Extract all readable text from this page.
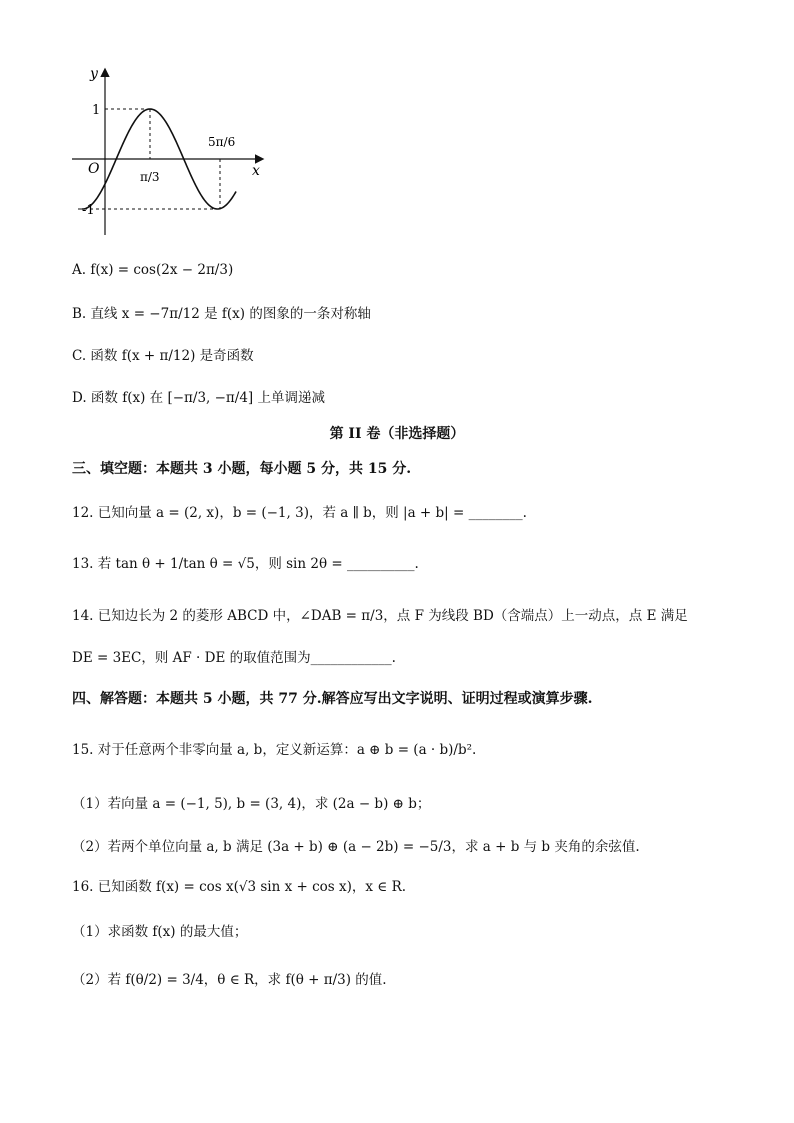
y
x
O
1
-1
π/3
5π/6
A. f(x) = cos(2x − 2π/3)
B. 直线 x = −7π/12 是 f(x) 的图象的一条对称轴
C. 函数 f(x + π/12) 是奇函数
D. 函数 f(x) 在 [−π/3, −π/4] 上单调递减
第 II 卷（非选择题）
三、填空题：本题共 3 小题，每小题 5 分，共 15 分.
12. 已知向量 a = (2, x)，b = (−1, 3)，若 a ∥ b，则 |a + b| = ________.
13. 若 tan θ + 1/tan θ = √5，则 sin 2θ = __________.
14. 已知边长为 2 的菱形 ABCD 中，∠DAB = π/3，点 F 为线段 BD（含端点）上一动点，点 E 满足
DE = 3EC，则 AF · DE 的取值范围为____________.
四、解答题：本题共 5 小题，共 77 分.解答应写出文字说明、证明过程或演算步骤.
15. 对于任意两个非零向量 a, b，定义新运算：a ⊕ b = (a · b)/b².
（1）若向量 a = (−1, 5), b = (3, 4)，求 (2a − b) ⊕ b；
（2）若两个单位向量 a, b 满足 (3a + b) ⊕ (a − 2b) = −5/3，求 a + b 与 b 夹角的余弦值.
16. 已知函数 f(x) = cos x(√3 sin x + cos x)，x ∈ R.
（1）求函数 f(x) 的最大值；
（2）若 f(θ/2) = 3/4，θ ∈ R，求 f(θ + π/3) 的值.
